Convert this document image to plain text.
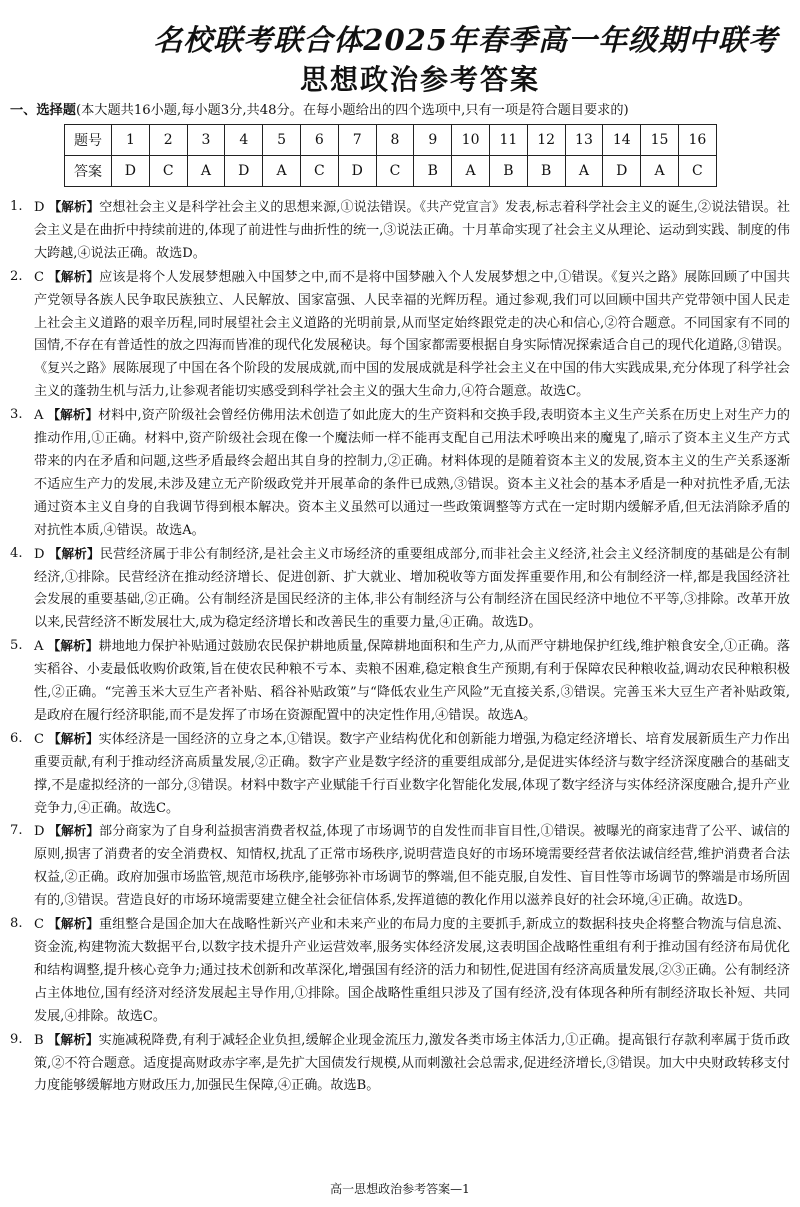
名校联考联合体2025年春季高一年级期中联考
思想政治参考答案
一、选择题(本大题共16小题,每小题3分,共48分。在每小题给出的四个选项中,只有一项是符合题目要求的)
题号	1	2	3	4	5	6	7	8	9	10	11	12	13	14	15	16
答案	D	C	A	D	A	C	D	C	B	A	B	B	A	D	A	C

1. D 【解析】空想社会主义是科学社会主义的思想来源,①说法错误。《共产党宣言》发表,标志着科学社会主义的诞生,②说法错误。社会主义是在曲折中持续前进的,体现了前进性与曲折性的统一,③说法正确。十月革命实现了社会主义从理论、运动到实践、制度的伟大跨越,④说法正确。故选D。

2. C 【解析】应该是将个人发展梦想融入中国梦之中,而不是将中国梦融入个人发展梦想之中,①错误。《复兴之路》展陈回顾了中国共产党领导各族人民争取民族独立、人民解放、国家富强、人民幸福的光辉历程。通过参观,我们可以回顾中国共产党带领中国人民走上社会主义道路的艰辛历程,同时展望社会主义道路的光明前景,从而坚定始终跟党走的决心和信心,②符合题意。不同国家有不同的国情,不存在有普适性的放之四海而皆准的现代化发展秘诀。每个国家都需要根据自身实际情况探索适合自己的现代化道路,③错误。《复兴之路》展陈展现了中国在各个阶段的发展成就,而中国的发展成就是科学社会主义在中国的伟大实践成果,充分体现了科学社会主义的蓬勃生机与活力,让参观者能切实感受到科学社会主义的强大生命力,④符合题意。故选C。

3. A 【解析】材料中,资产阶级社会曾经仿佛用法术创造了如此庞大的生产资料和交换手段,表明资本主义生产关系在历史上对生产力的推动作用,①正确。材料中,资产阶级社会现在像一个魔法师一样不能再支配自己用法术呼唤出来的魔鬼了,暗示了资本主义生产方式带来的内在矛盾和问题,这些矛盾最终会超出其自身的控制力,②正确。材料体现的是随着资本主义的发展,资本主义的生产关系逐渐不适应生产力的发展,未涉及建立无产阶级政党并开展革命的条件已成熟,③错误。资本主义社会的基本矛盾是一种对抗性矛盾,无法通过资本主义自身的自我调节得到根本解决。资本主义虽然可以通过一些政策调整等方式在一定时期内缓解矛盾,但无法消除矛盾的对抗性本质,④错误。故选A。

4. D 【解析】民营经济属于非公有制经济,是社会主义市场经济的重要组成部分,而非社会主义经济,社会主义经济制度的基础是公有制经济,①排除。民营经济在推动经济增长、促进创新、扩大就业、增加税收等方面发挥重要作用,和公有制经济一样,都是我国经济社会发展的重要基础,②正确。公有制经济是国民经济的主体,非公有制经济与公有制经济在国民经济中地位不平等,③排除。改革开放以来,民营经济不断发展壮大,成为稳定经济增长和改善民生的重要力量,④正确。故选D。

5. A 【解析】耕地地力保护补贴通过鼓励农民保护耕地质量,保障耕地面积和生产力,从而严守耕地保护红线,维护粮食安全,①正确。落实稻谷、小麦最低收购价政策,旨在使农民种粮不亏本、卖粮不困难,稳定粮食生产预期,有利于保障农民种粮收益,调动农民种粮积极性,②正确。“完善玉米大豆生产者补贴、稻谷补贴政策”与“降低农业生产风险”无直接关系,③错误。完善玉米大豆生产者补贴政策,是政府在履行经济职能,而不是发挥了市场在资源配置中的决定性作用,④错误。故选A。

6. C 【解析】实体经济是一国经济的立身之本,①错误。数字产业结构优化和创新能力增强,为稳定经济增长、培育发展新质生产力作出重要贡献,有利于推动经济高质量发展,②正确。数字产业是数字经济的重要组成部分,是促进实体经济与数字经济深度融合的基础支撑,不是虚拟经济的一部分,③错误。材料中数字产业赋能千行百业数字化智能化发展,体现了数字经济与实体经济深度融合,提升产业竞争力,④正确。故选C。

7. D 【解析】部分商家为了自身利益损害消费者权益,体现了市场调节的自发性而非盲目性,①错误。被曝光的商家违背了公平、诚信的原则,损害了消费者的安全消费权、知情权,扰乱了正常市场秩序,说明营造良好的市场环境需要经营者依法诚信经营,维护消费者合法权益,②正确。政府加强市场监管,规范市场秩序,能够弥补市场调节的弊端,但不能克服,自发性、盲目性等市场调节的弊端是市场所固有的,③错误。营造良好的市场环境需要建立健全社会征信体系,发挥道德的教化作用以滋养良好的社会环境,④正确。故选D。

8. C 【解析】重组整合是国企加大在战略性新兴产业和未来产业的布局力度的主要抓手,新成立的数据科技央企将整合物流与信息流、资金流,构建物流大数据平台,以数字技术提升产业运营效率,服务实体经济发展,这表明国企战略性重组有利于推动国有经济布局优化和结构调整,提升核心竞争力;通过技术创新和改革深化,增强国有经济的活力和韧性,促进国有经济高质量发展,②③正确。公有制经济占主体地位,国有经济对经济发展起主导作用,①排除。国企战略性重组只涉及了国有经济,没有体现各种所有制经济取长补短、共同发展,④排除。故选C。

9. B 【解析】实施减税降费,有利于减轻企业负担,缓解企业现金流压力,激发各类市场主体活力,①正确。提高银行存款利率属于货币政策,②不符合题意。适度提高财政赤字率,是先扩大国债发行规模,从而刺激社会总需求,促进经济增长,③错误。加大中央财政转移支付力度能够缓解地方财政压力,加强民生保障,④正确。故选B。

高一思想政治参考答案—1
